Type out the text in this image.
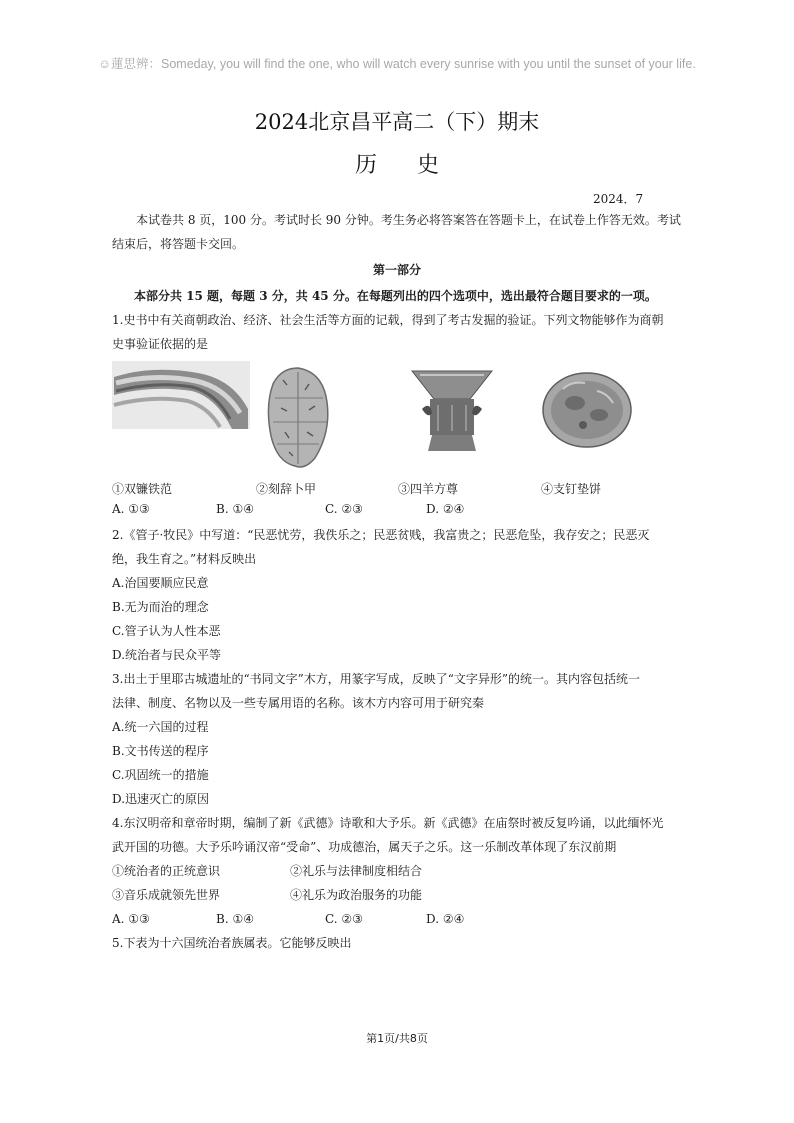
☺蓮思辨：Someday, you will find the one, who will watch every sunrise with you until the sunset of your life.
2024北京昌平高二（下）期末
历史
2024．7
本试卷共 8 页，100 分。考试时长 90 分钟。考生务必将答案答在答题卡上，在试卷上作答无效。考试
结束后，将答题卡交回。
第一部分
本部分共 15 题，每题 3 分，共 45 分。在每题列出的四个选项中，选出最符合题目要求的一项。
1.史书中有关商朝政治、经济、社会生活等方面的记载，得到了考古发掘的验证。下列文物能够作为商朝
史事验证依据的是
①双镰铁范	②刻辞卜甲	③四羊方尊	④支钉垫饼
A. ①③	B. ①④	C. ②③	D. ②④
2.《管子·牧民》中写道：“民恶忧劳，我佚乐之；民恶贫贱，我富贵之；民恶危坠，我存安之；民恶灭
绝，我生育之。”材料反映出
A.治国要顺应民意
B.无为而治的理念
C.管子认为人性本恶
D.统治者与民众平等
3.出土于里耶古城遗址的“书同文字”木方，用篆字写成，反映了“文字异形”的统一。其内容包括统一
法律、制度、名物以及一些专属用语的名称。该木方内容可用于研究秦
A.统一六国的过程
B.文书传送的程序
C.巩固统一的措施
D.迅速灭亡的原因
4.东汉明帝和章帝时期，编制了新《武德》诗歌和大予乐。新《武德》在庙祭时被反复吟诵，以此缅怀光
武开国的功德。大予乐吟诵汉帝“受命”、功成德治，属天子之乐。这一乐制改革体现了东汉前期
①统治者的正统意识	②礼乐与法律制度相结合
③音乐成就领先世界	④礼乐为政治服务的功能
A. ①③	B. ①④	C. ②③	D. ②④
5.下表为十六国统治者族属表。它能够反映出
第1页/共8页
